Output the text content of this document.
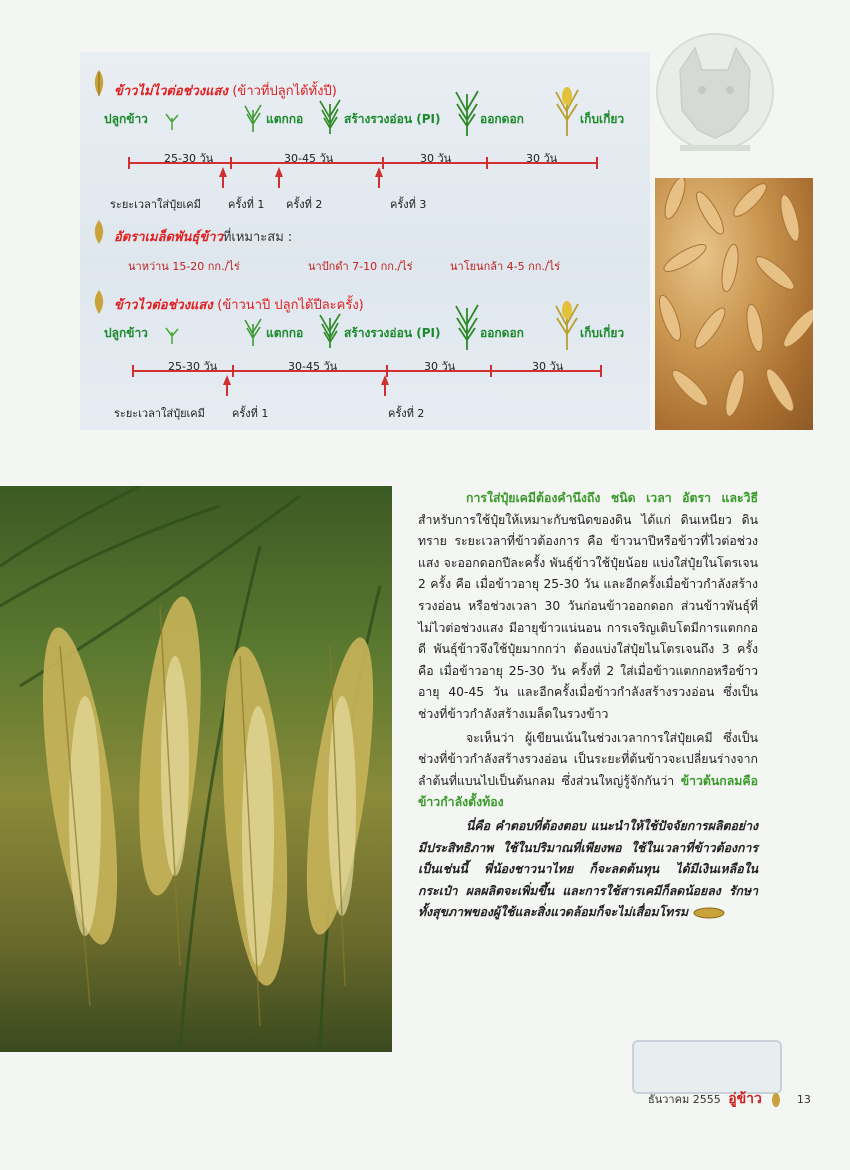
ข้าวไม่ไวต่อช่วงแสง (ข้าวที่ปลูกได้ทั้งปี)
ปลูกข้าว	แตกกอ	สร้างรวงอ่อน (PI)	ออกดอก	เก็บเกี่ยว
25-30 วัน	30-45 วัน	30 วัน	30 วัน
ระยะเวลาใส่ปุ๋ยเคมี ครั้งที่ 1 ครั้งที่ 2	ครั้งที่ 3
อัตราเมล็ดพันธุ์ข้าวที่เหมาะสม :
นาหว่าน 15-20 กก./ไร่	นาปักดำ 7-10 กก./ไร่	นาโยนกล้า 4-5 กก./ไร่
ข้าวไวต่อช่วงแสง (ข้าวนาปี ปลูกได้ปีละครั้ง)
ปลูกข้าว	แตกกอ	สร้างรวงอ่อน (PI)	ออกดอก	เก็บเกี่ยว
25-30 วัน	30-45 วัน	30 วัน	30 วัน
ระยะเวลาใส่ปุ๋ยเคมี ครั้งที่ 1	ครั้งที่ 2

การใส่ปุ๋ยเคมีต้องคำนึงถึง ชนิด เวลา อัตรา และวิธี สำหรับการใช้ปุ๋ยให้เหมาะกับชนิดของดิน ได้แก่ ดินเหนียว ดินทราย ระยะเวลาที่ข้าวต้องการ คือ ข้าวนาปีหรือข้าวที่ไวต่อช่วงแสง จะออกดอกปีละครั้ง พันธุ์ข้าวใช้ปุ๋ยน้อย แบ่งใส่ปุ๋ยในโตรเจน 2 ครั้ง คือ เมื่อข้าวอายุ 25-30 วัน และอีกครั้งเมื่อข้าวกำลังสร้างรวงอ่อน หรือช่วงเวลา 30 วันก่อนข้าวออกดอก ส่วนข้าวพันธุ์ที่ไม่ไวต่อช่วงแสง มีอายุข้าวแน่นอน การเจริญเติบโตมีการแตกกอดี พันธุ์ข้าวจึงใช้ปุ๋ยมากกว่า ต้องแบ่งใส่ปุ๋ยไนโตรเจนถึง 3 ครั้ง คือ เมื่อข้าวอายุ 25-30 วัน ครั้งที่ 2 ใส่เมื่อข้าวแตกกอหรือข้าวอายุ 40-45 วัน และอีกครั้งเมื่อข้าวกำลังสร้างรวงอ่อน ซึ่งเป็นช่วงที่ข้าวกำลังสร้างเมล็ดในรวงข้าว

จะเห็นว่า ผู้เขียนเน้นในช่วงเวลาการใส่ปุ๋ยเคมี ซึ่งเป็นช่วงที่ข้าวกำลังสร้างรวงอ่อน เป็นระยะที่ต้นข้าวจะเปลี่ยนร่างจากลำต้นที่แบนไปเป็นต้นกลม ซึ่งส่วนใหญ่รู้จักกันว่า ข้าวต้นกลมคือข้าวกำลังตั้งท้อง

นี่คือ คำตอบที่ต้องตอบ แนะนำให้ใช้ปัจจัยการผลิตอย่างมีประสิทธิภาพ ใช้ในปริมาณที่เพียงพอ ใช้ในเวลาที่ข้าวต้องการ เป็นเช่นนี้ พี่น้องชาวนาไทย ก็จะลดต้นทุน ได้มีเงินเหลือในกระเป๋า ผลผลิตจะเพิ่มขึ้น และการใช้สารเคมีก็ลดน้อยลง รักษาทั้งสุขภาพของผู้ใช้และสิ่งแวดล้อมก็จะไม่เสื่อมโทรม

ธันวาคม 2555 อู่ข้าว	13
